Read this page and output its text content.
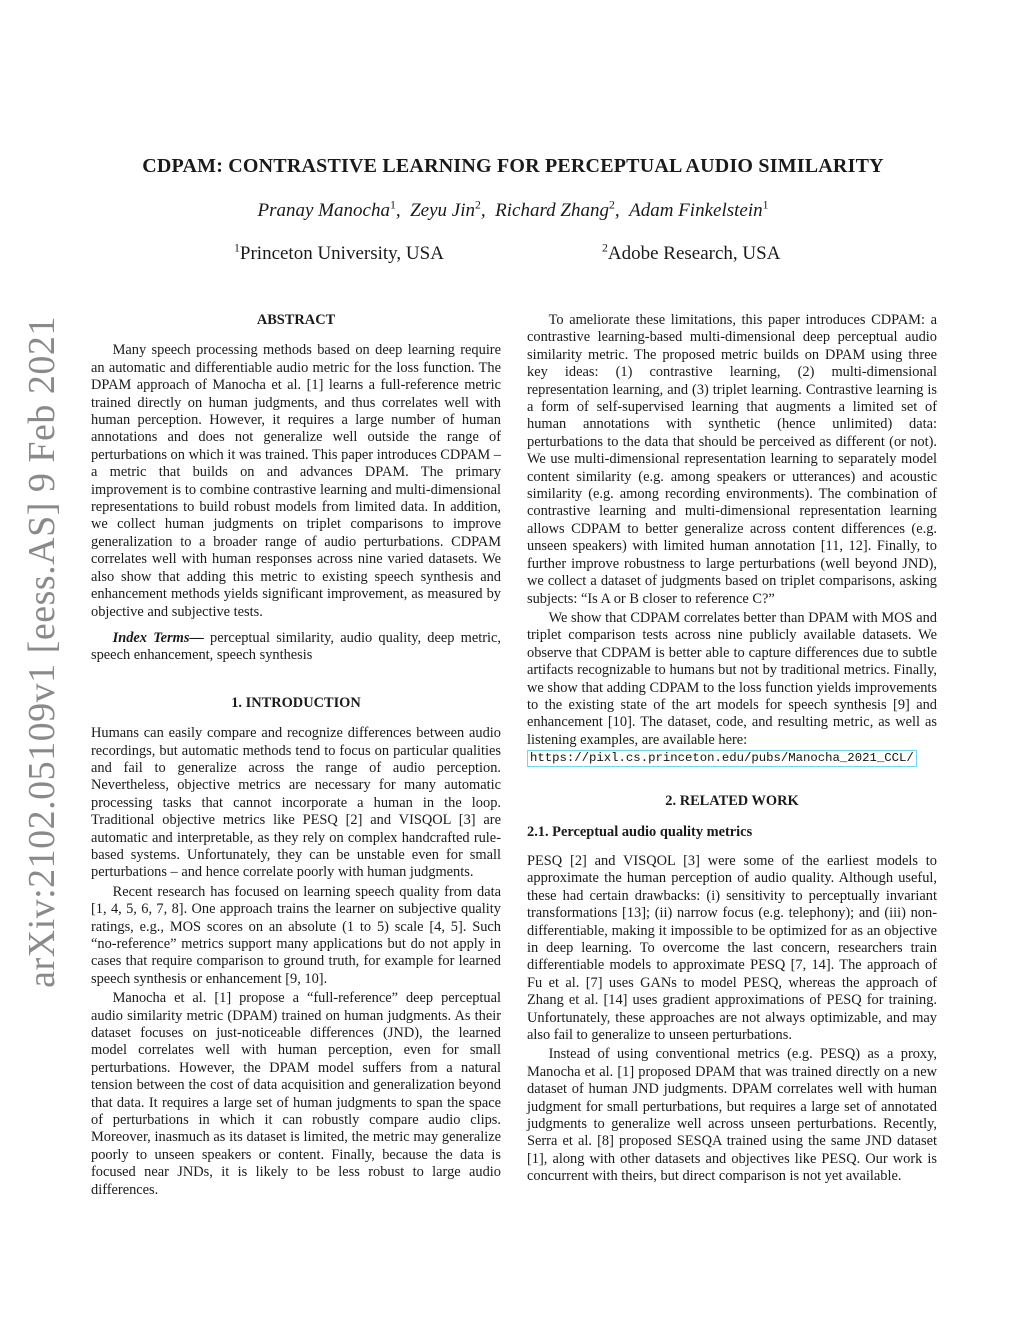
arXiv:2102.05109v1 [eess.AS] 9 Feb 2021
CDPAM: CONTRASTIVE LEARNING FOR PERCEPTUAL AUDIO SIMILARITY
Pranay Manocha$^1$,  Zeyu Jin$^2$,  Richard Zhang$^2$,  Adam Finkelstein$^1$
$^1$Princeton University, USA	$^2$Adobe Research, USA
ABSTRACT

Many speech processing methods based on deep learning require an automatic and differentiable audio metric for the loss function. The DPAM approach of Manocha et al. [1] learns a full-reference metric trained directly on human judgments, and thus correlates well with human perception. However, it requires a large number of human annotations and does not generalize well outside the range of perturbations on which it was trained. This paper introduces CDPAM – a metric that builds on and advances DPAM. The primary improvement is to combine contrastive learning and multi-dimensional representations to build robust models from limited data. In addition, we collect human judgments on triplet comparisons to improve generalization to a broader range of audio perturbations. CDPAM correlates well with human responses across nine varied datasets. We also show that adding this metric to existing speech synthesis and enhancement methods yields significant improvement, as measured by objective and subjective tests.

Index Terms— perceptual similarity, audio quality, deep metric, speech enhancement, speech synthesis

1. INTRODUCTION

Humans can easily compare and recognize differences between audio recordings, but automatic methods tend to focus on particular qualities and fail to generalize across the range of audio perception. Nevertheless, objective metrics are necessary for many automatic processing tasks that cannot incorporate a human in the loop. Traditional objective metrics like PESQ [2] and VISQOL [3] are automatic and interpretable, as they rely on complex handcrafted rule-based systems. Unfortunately, they can be unstable even for small perturbations – and hence correlate poorly with human judgments.

Recent research has focused on learning speech quality from data [1, 4, 5, 6, 7, 8]. One approach trains the learner on subjective quality ratings, e.g., MOS scores on an absolute (1 to 5) scale [4, 5]. Such “no-reference” metrics support many applications but do not apply in cases that require comparison to ground truth, for example for learned speech synthesis or enhancement [9, 10].

Manocha et al. [1] propose a “full-reference” deep perceptual audio similarity metric (DPAM) trained on human judgments. As their dataset focuses on just-noticeable differences (JND), the learned model correlates well with human perception, even for small perturbations. However, the DPAM model suffers from a natural tension between the cost of data acquisition and generalization beyond that data. It requires a large set of human judgments to span the space of perturbations in which it can robustly compare audio clips. Moreover, inasmuch as its dataset is limited, the metric may generalize poorly to unseen speakers or content. Finally, because the data is focused near JNDs, it is likely to be less robust to large audio differences.

To ameliorate these limitations, this paper introduces CDPAM: a contrastive learning-based multi-dimensional deep perceptual audio similarity metric. The proposed metric builds on DPAM using three key ideas: (1) contrastive learning, (2) multi-dimensional representation learning, and (3) triplet learning. Contrastive learning is a form of self-supervised learning that augments a limited set of human annotations with synthetic (hence unlimited) data: perturbations to the data that should be perceived as different (or not). We use multi-dimensional representation learning to separately model content similarity (e.g. among speakers or utterances) and acoustic similarity (e.g. among recording environments). The combination of contrastive learning and multi-dimensional representation learning allows CDPAM to better generalize across content differences (e.g. unseen speakers) with limited human annotation [11, 12]. Finally, to further improve robustness to large perturbations (well beyond JND), we collect a dataset of judgments based on triplet comparisons, asking subjects: “Is A or B closer to reference C?”

We show that CDPAM correlates better than DPAM with MOS and triplet comparison tests across nine publicly available datasets. We observe that CDPAM is better able to capture differences due to subtle artifacts recognizable to humans but not by traditional metrics. Finally, we show that adding CDPAM to the loss function yields improvements to the existing state of the art models for speech synthesis [9] and enhancement [10]. The dataset, code, and resulting metric, as well as listening examples, are available here:

https://pixl.cs.princeton.edu/pubs/Manocha_2021_CCL/
2. RELATED WORK
2.1. Perceptual audio quality metrics

PESQ [2] and VISQOL [3] were some of the earliest models to approximate the human perception of audio quality. Although useful, these had certain drawbacks: (i) sensitivity to perceptually invariant transformations [13]; (ii) narrow focus (e.g. telephony); and (iii) non-differentiable, making it impossible to be optimized for as an objective in deep learning. To overcome the last concern, researchers train differentiable models to approximate PESQ [7, 14]. The approach of Fu et al. [7] uses GANs to model PESQ, whereas the approach of Zhang et al. [14] uses gradient approximations of PESQ for training. Unfortunately, these approaches are not always optimizable, and may also fail to generalize to unseen perturbations.

Instead of using conventional metrics (e.g. PESQ) as a proxy, Manocha et al. [1] proposed DPAM that was trained directly on a new dataset of human JND judgments. DPAM correlates well with human judgment for small perturbations, but requires a large set of annotated judgments to generalize well across unseen perturbations. Recently, Serra et al. [8] proposed SESQA trained using the same JND dataset [1], along with other datasets and objectives like PESQ. Our work is concurrent with theirs, but direct comparison is not yet available.
